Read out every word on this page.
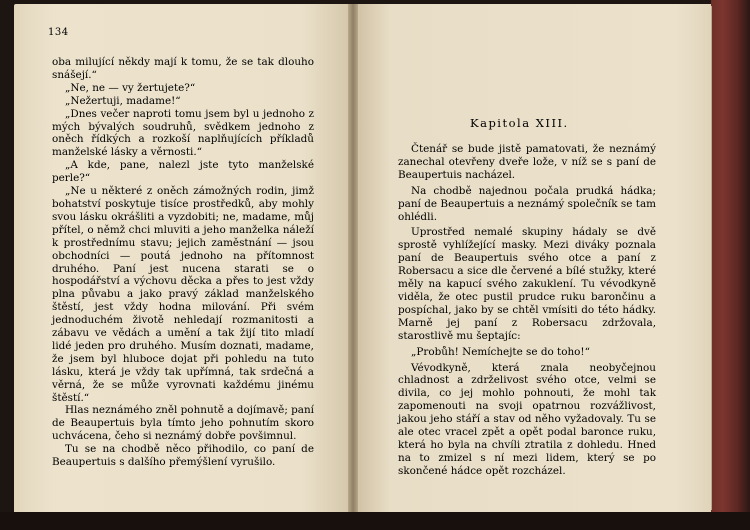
134

oba milující někdy mají k tomu, že se tak dlouho snášejí.“

„Ne, ne — vy žertujete?“

„Nežertuji, madame!“

„Dnes večer naproti tomu jsem byl u jednoho z mých bývalých soudruhů, svědkem jednoho z oněch řídkých a rozkoší naplňujících příkladů manželské lásky a věrnosti.“

„A kde, pane, nalezl jste tyto manželské perle?“

„Ne u některé z oněch zámožných rodin, jimž bohatství poskytuje tisíce prostředků, aby mohly svou lásku okrášliti a vyzdobiti; ne, madame, můj přítel, o němž chci mluviti a jeho manželka náleží k prostřednímu stavu; jejich zaměstnání — jsou obchodníci — poutá jednoho na přítomnost druhého. Paní jest nucena starati se o hospodářství a výchovu děcka a přes to jest vždy plna půvabu a jako pravý základ manželského štěstí, jest vždy hodna milování. Při svém jednoduchém životě nehledají rozmanitosti a zábavu ve vědách a umění a tak žijí tito mladí lidé jeden pro druhého. Musím doznati, madame, že jsem byl hluboce dojat při pohledu na tuto lásku, která je vždy tak upřímná, tak srdečná a věrná, že se může vyrovnati každému jinému štěstí.“

Hlas neznámého zněl pohnutě a dojímavě; paní de Beaupertuis byla tímto jeho pohnutím skoro uchvácena, čeho si neznámý dobře povšimnul.

Tu se na chodbě něco přihodilo, co paní de Beaupertuis s dalšího přemýšlení vyrušilo.

Kapitola XIII.

Čtenář se bude jistě pamatovati, že neznámý zanechal otevřeny dveře lože, v níž se s paní de Beaupertuis nacházel.

Na chodbě najednou počala prudká hádka; paní de Beaupertuis a neznámý společník se tam ohlédli.

Uprostřed nemalé skupiny hádaly se dvě sprostě vyhlížející masky. Mezi diváky poznala paní de Beaupertuis svého otce a paní z Robersacu a sice dle červené a bílé stužky, které měly na kapucí svého zakuklení. Tu vévodkyně viděla, že otec pustil prudce ruku barončinu a pospíchal, jako by se chtěl vmísiti do této hádky. Marně jej paní z Robersacu zdržovala, starostlivě mu šeptajíc:

„Probůh! Nemíchejte se do toho!“

Vévodkyně, která znala neobyčejnou chladnost a zdrželivost svého otce, velmi se divila, co jej mohlo pohnouti, že mohl tak zapomenouti na svoji opatrnou rozvážlivost, jakou jeho stáří a stav od něho vyžadovaly. Tu se ale otec vracel zpět a opět podal baronce ruku, která ho byla na chvíli ztratila z dohledu. Hned na to zmizel s ní mezi lidem, který se po skončené hádce opět rozcházel.
